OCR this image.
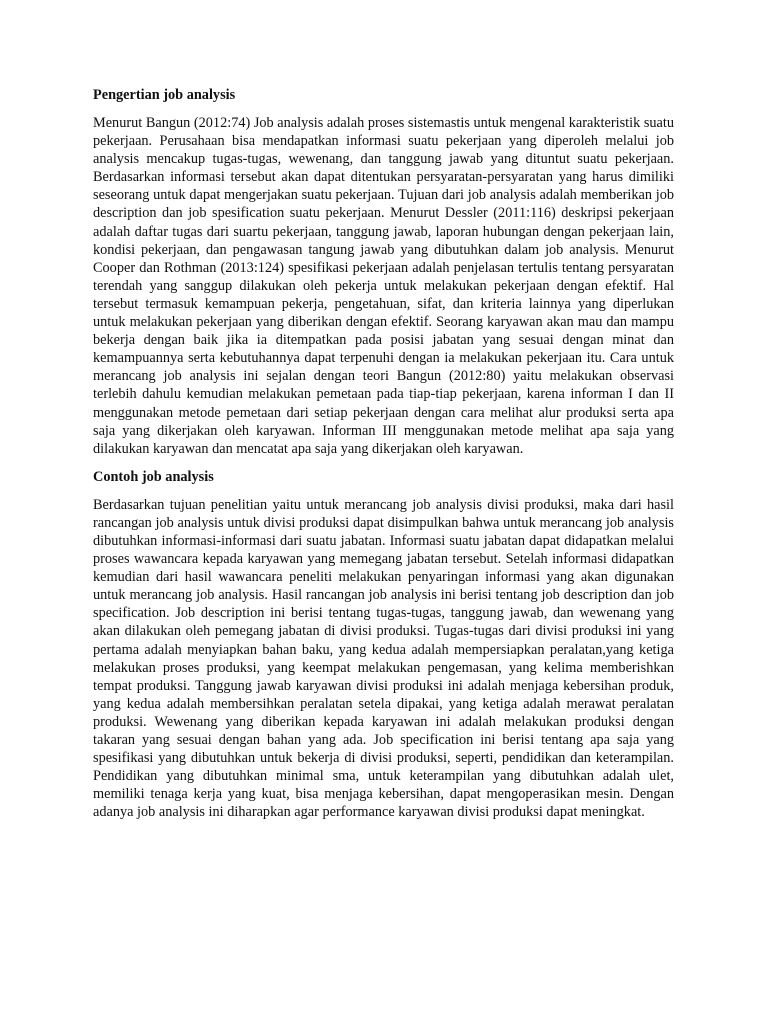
Pengertian job analysis

Menurut Bangun (2012:74) Job analysis adalah proses sistemastis untuk mengenal karakteristik suatu pekerjaan. Perusahaan bisa mendapatkan informasi suatu pekerjaan yang diperoleh melalui job analysis mencakup tugas-tugas, wewenang, dan tanggung jawab yang dituntut suatu pekerjaan. Berdasarkan informasi tersebut akan dapat ditentukan persyaratan-persyaratan yang harus dimiliki seseorang untuk dapat mengerjakan suatu pekerjaan. Tujuan dari job analysis adalah memberikan job description dan job spesification suatu pekerjaan. Menurut Dessler (2011:116) deskripsi pekerjaan adalah daftar tugas dari suartu pekerjaan, tanggung jawab, laporan hubungan dengan pekerjaan lain, kondisi pekerjaan, dan pengawasan tangung jawab yang dibutuhkan dalam job analysis. Menurut Cooper dan Rothman (2013:124) spesifikasi pekerjaan adalah penjelasan tertulis tentang persyaratan terendah yang sanggup dilakukan oleh pekerja untuk melakukan pekerjaan dengan efektif. Hal tersebut termasuk kemampuan pekerja, pengetahuan, sifat, dan kriteria lainnya yang diperlukan untuk melakukan pekerjaan yang diberikan dengan efektif. Seorang karyawan akan mau dan mampu bekerja dengan baik jika ia ditempatkan pada posisi jabatan yang sesuai dengan minat dan kemampuannya serta kebutuhannya dapat terpenuhi dengan ia melakukan pekerjaan itu. Cara untuk merancang job analysis ini sejalan dengan teori Bangun (2012:80) yaitu melakukan observasi terlebih dahulu kemudian melakukan pemetaan pada tiap-tiap pekerjaan, karena informan I dan II menggunakan metode pemetaan dari setiap pekerjaan dengan cara melihat alur produksi serta apa saja yang dikerjakan oleh karyawan. Informan III menggunakan metode melihat apa saja yang dilakukan karyawan dan mencatat apa saja yang dikerjakan oleh karyawan.

Contoh job analysis

Berdasarkan tujuan penelitian yaitu untuk merancang job analysis divisi produksi, maka dari hasil rancangan job analysis untuk divisi produksi dapat disimpulkan bahwa untuk merancang job analysis dibutuhkan informasi-informasi dari suatu jabatan. Informasi suatu jabatan dapat didapatkan melalui proses wawancara kepada karyawan yang memegang jabatan tersebut. Setelah informasi didapatkan kemudian dari hasil wawancara peneliti melakukan penyaringan informasi yang akan digunakan untuk merancang job analysis. Hasil rancangan job analysis ini berisi tentang job description dan job specification. Job description ini berisi tentang tugas-tugas, tanggung jawab, dan wewenang yang akan dilakukan oleh pemegang jabatan di divisi produksi. Tugas-tugas dari divisi produksi ini yang pertama adalah menyiapkan bahan baku, yang kedua adalah mempersiapkan peralatan,yang ketiga melakukan proses produksi, yang keempat melakukan pengemasan, yang kelima memberishkan tempat produksi. Tanggung jawab karyawan divisi produksi ini adalah menjaga kebersihan produk, yang kedua adalah membersihkan peralatan setela dipakai, yang ketiga adalah merawat peralatan produksi. Wewenang yang diberikan kepada karyawan ini adalah melakukan produksi dengan takaran yang sesuai dengan bahan yang ada. Job specification ini berisi tentang apa saja yang spesifikasi yang dibutuhkan untuk bekerja di divisi produksi, seperti, pendidikan dan keterampilan. Pendidikan yang dibutuhkan minimal sma, untuk keterampilan yang dibutuhkan adalah ulet, memiliki tenaga kerja yang kuat, bisa menjaga kebersihan, dapat mengoperasikan mesin. Dengan adanya job analysis ini diharapkan agar performance karyawan divisi produksi dapat meningkat.
